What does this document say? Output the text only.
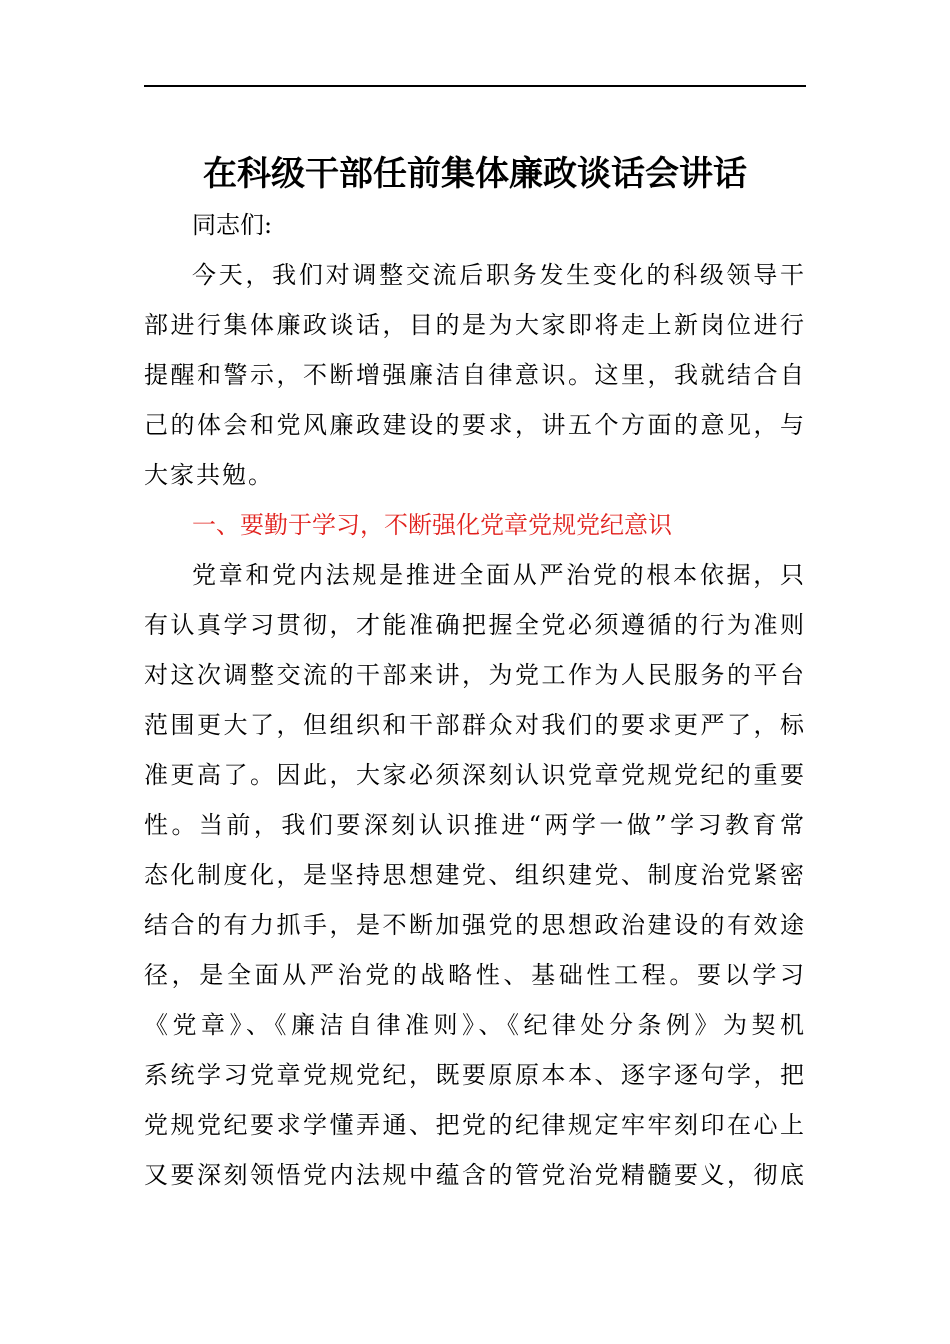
在科级干部任前集体廉政谈话会讲话

同志们:

今天，我们对调整交流后职务发生变化的科级领导干
部进行集体廉政谈话，目的是为大家即将走上新岗位进行
提醒和警示，不断增强廉洁自律意识。这里，我就结合自
己的体会和党风廉政建设的要求，讲五个方面的意见，与
大家共勉。

一、要勤于学习，不断强化党章党规党纪意识

党章和党内法规是推进全面从严治党的根本依据，只
有认真学习贯彻，才能准确把握全党必须遵循的行为准则
对这次调整交流的干部来讲，为党工作为人民服务的平台
范围更大了，但组织和干部群众对我们的要求更严了，标
准更高了。因此，大家必须深刻认识党章党规党纪的重要
性。当前，我们要深刻认识推进“两学一做”学习教育常
态化制度化，是坚持思想建党、组织建党、制度治党紧密
结合的有力抓手，是不断加强党的思想政治建设的有效途
径，是全面从严治党的战略性、基础性工程。要以学习
《党章》、《廉洁自律准则》、《纪律处分条例》为契机
系统学习党章党规党纪，既要原原本本、逐字逐句学，把
党规党纪要求学懂弄通、把党的纪律规定牢牢刻印在心上
又要深刻领悟党内法规中蕴含的管党治党精髓要义，彻底
